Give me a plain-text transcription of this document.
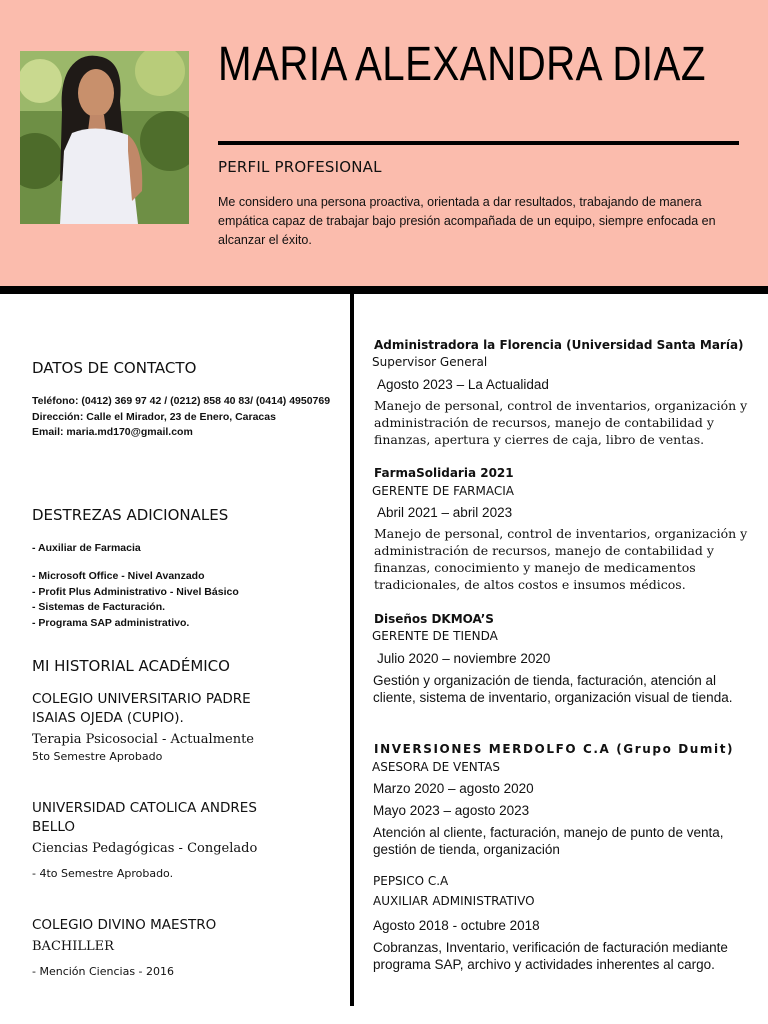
MARIA ALEXANDRA DIAZ
PERFIL PROFESIONAL
Me considero una persona proactiva, orientada a dar resultados, trabajando de manera empática capaz de trabajar bajo presión acompañada de un equipo, siempre enfocada en alcanzar el éxito.
DATOS DE CONTACTO
Teléfono: (0412) 369 97 42 / (0212) 858 40 83/ (0414) 4950769
Dirección: Calle el Mirador, 23 de Enero, Caracas
Email: maria.md170@gmail.com
DESTREZAS ADICIONALES
- Auxiliar de Farmacia
- Microsoft Office - Nivel Avanzado
- Profit Plus Administrativo - Nivel Básico
- Sistemas de Facturación.
- Programa SAP administrativo.
MI HISTORIAL ACADÉMICO
COLEGIO UNIVERSITARIO PADRE ISAIAS OJEDA (CUPIO).
Terapia Psicosocial - Actualmente
5to Semestre Aprobado
UNIVERSIDAD CATOLICA ANDRES BELLO
Ciencias Pedagógicas - Congelado
- 4to Semestre Aprobado.
COLEGIO DIVINO MAESTRO
BACHILLER
- Mención Ciencias - 2016
Administradora la Florencia (Universidad Santa María)
Supervisor General
Agosto 2023 – La Actualidad
Manejo de personal, control de inventarios, organización y administración de recursos, manejo de contabilidad y finanzas, apertura y cierres de caja, libro de ventas.
FarmaSolidaria 2021
GERENTE DE FARMACIA
Abril 2021 – abril 2023
Manejo de personal, control de inventarios, organización y administración de recursos, manejo de contabilidad y finanzas, conocimiento y manejo de medicamentos tradicionales, de altos costos e insumos médicos.
Diseños DKMOA’S
GERENTE DE TIENDA
Julio 2020 – noviembre 2020
Gestión y organización de tienda, facturación, atención al cliente, sistema de inventario, organización visual de tienda.
INVERSIONES MERDOLFO C.A (Grupo Dumit)
ASESORA DE VENTAS
Marzo 2020 – agosto 2020
Mayo 2023 – agosto 2023
Atención al cliente, facturación, manejo de punto de venta, gestión de tienda, organización
PEPSICO C.A
AUXILIAR ADMINISTRATIVO
Agosto 2018 - octubre 2018
Cobranzas, Inventario, verificación de facturación mediante programa SAP, archivo y actividades inherentes al cargo.
